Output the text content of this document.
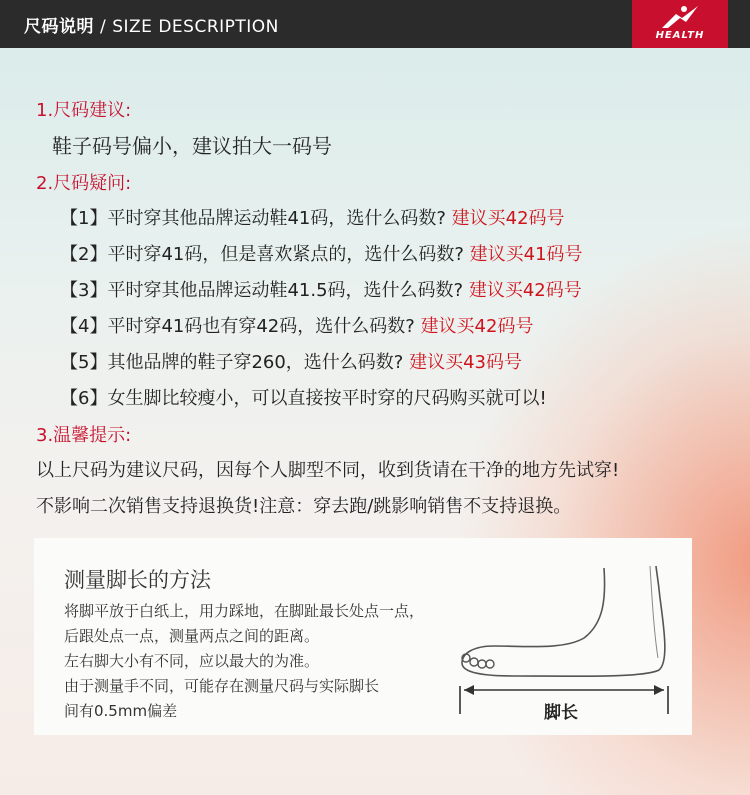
尺码说明 / SIZE DESCRIPTION	HEALTH
1.尺码建议:
鞋子码号偏小，建议拍大一码号
2.尺码疑问:
【1】平时穿其他品牌运动鞋41码，选什么码数? 建议买42码号
【2】平时穿41码，但是喜欢紧点的，选什么码数? 建议买41码号
【3】平时穿其他品牌运动鞋41.5码，选什么码数? 建议买42码号
【4】平时穿41码也有穿42码，选什么码数? 建议买42码号
【5】其他品牌的鞋子穿260，选什么码数? 建议买43码号
【6】女生脚比较瘦小，可以直接按平时穿的尺码购买就可以!
3.温馨提示:
以上尺码为建议尺码，因每个人脚型不同，收到货请在干净的地方先试穿!
不影响二次销售支持退换货!注意：穿去跑/跳影响销售不支持退换。
测量脚长的方法
将脚平放于白纸上，用力踩地，在脚趾最长处点一点，
后跟处点一点，测量两点之间的距离。
左右脚大小有不同，应以最大的为准。
由于测量手不同，可能存在测量尺码与实际脚长
间有0.5mm偏差	脚长
